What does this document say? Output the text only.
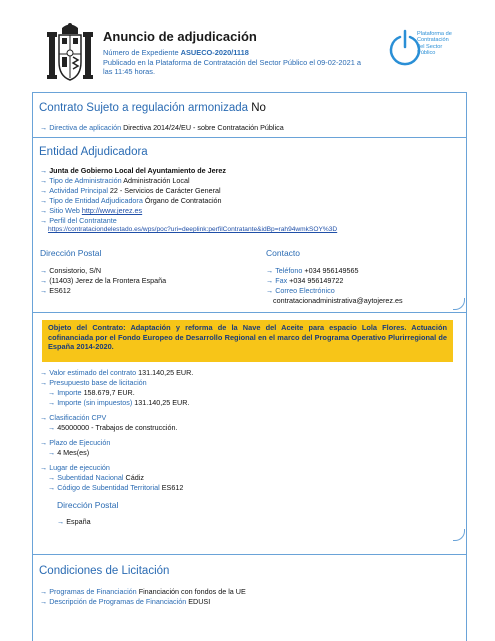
Anuncio de adjudicación
Número de Expediente ASUECO-2020/1118
Publicado en la Plataforma de Contratación del Sector Público el 09-02-2021 a
las 11:45 horas.
Plataforma de
Contratación
del Sector
Público
Contrato Sujeto a regulación armonizada No
→ Directiva de aplicación Directiva 2014/24/EU - sobre Contratación Pública
Entidad Adjudicadora
→ Junta de Gobierno Local del Ayuntamiento de Jerez
→ Tipo de Administración Administración Local
→ Actividad Principal 22 - Servicios de Carácter General
→ Tipo de Entidad Adjudicadora Órgano de Contratación
→ Sitio Web http://www.jerez.es
→ Perfil del Contratante
https://contrataciondelestado.es/wps/poc?uri=deeplink:perfilContratante&idBp=rah94wmkSOY%3D
Dirección Postal
→ Consistorio, S/N
→ (11403) Jerez de la Frontera España
→ ES612
Contacto
→ Teléfono +034 956149565
→ Fax +034 956149722
→ Correo Electrónico
contratacionadministrativa@aytojerez.es
Objeto del Contrato: Adaptación y reforma de la Nave del Aceite para espacio Lola Flores. Actuación cofinanciada por el Fondo Europeo de Desarrollo Regional en el marco del Programa Operativo Plurirregional de España 2014-2020.
→ Valor estimado del contrato 131.140,25 EUR.
→ Presupuesto base de licitación
→ Importe 158.679,7 EUR.
→ Importe (sin impuestos) 131.140,25 EUR.
→ Clasificación CPV
→ 45000000 - Trabajos de construcción.
→ Plazo de Ejecución
→ 4 Mes(es)
→ Lugar de ejecución
→ Subentidad Nacional Cádiz
→ Código de Subentidad Territorial ES612
Dirección Postal
→ España
Condiciones de Licitación
→ Programas de Financiación Financiación con fondos de la UE
→ Descripción de Programas de Financiación EDUSI
